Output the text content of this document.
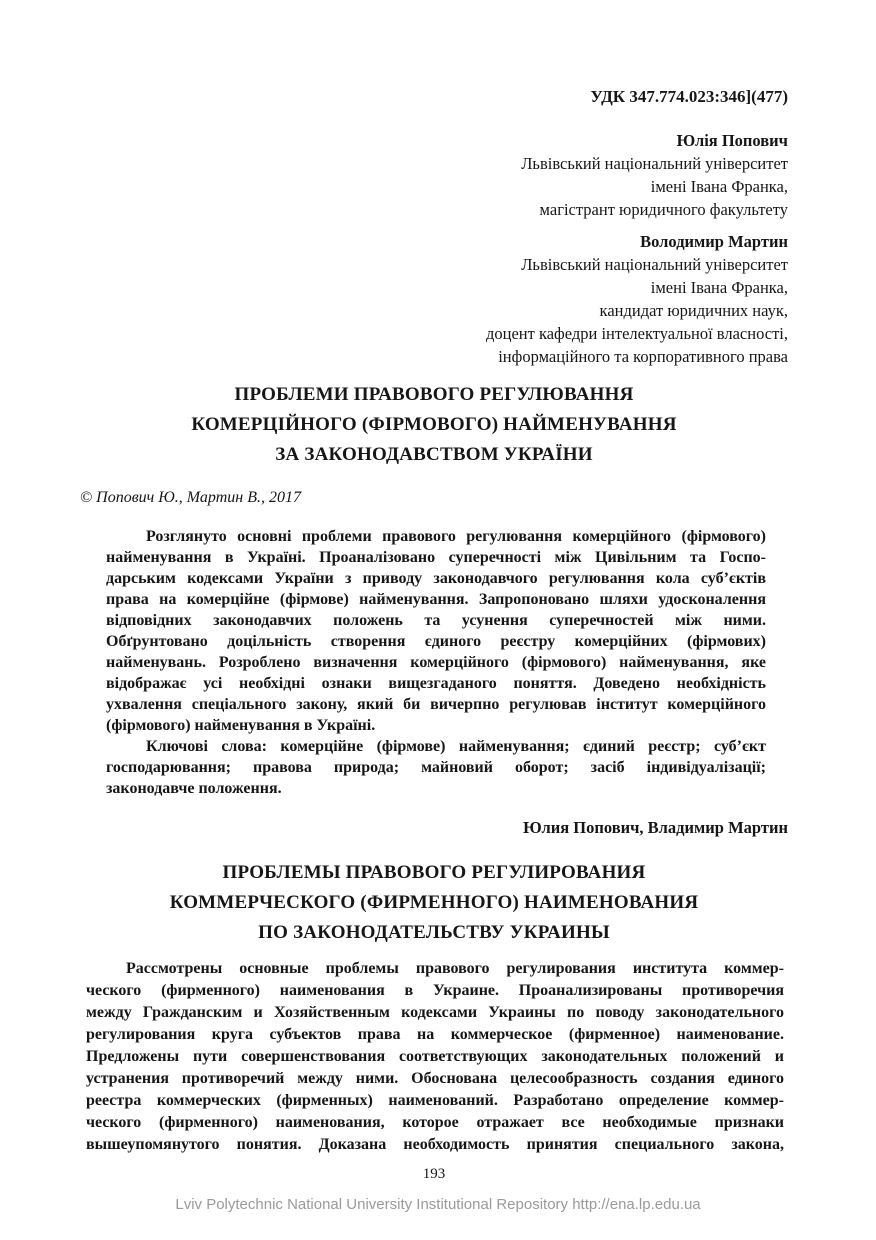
УДК 347.774.023:346](477)
Юлія Попович
Львівський національний університет
імені Івана Франка,
магістрант юридичного факультету
Володимир Мартин
Львівський національний університет
імені Івана Франка,
кандидат юридичних наук,
доцент кафедри інтелектуальної власності,
інформаційного та корпоративного права
ПРОБЛЕМИ ПРАВОВОГО РЕГУЛЮВАННЯ
КОМЕРЦІЙНОГО (ФІРМОВОГО) НАЙМЕНУВАННЯ
ЗА ЗАКОНОДАВСТВОМ УКРАЇНИ
© Попович Ю., Мартин В., 2017
Розглянуто основні проблеми правового регулювання комерційного (фірмового)
найменування в Україні. Проаналізовано суперечності між Цивільним та Госпо-
дарським кодексами України з приводу законодавчого регулювання кола суб’єктів
права на комерційне (фірмове) найменування. Запропоновано шляхи удосконалення
відповідних законодавчих положень та усунення суперечностей між ними.
Обґрунтовано доцільність створення єдиного реєстру комерційних (фірмових)
найменувань. Розроблено визначення комерційного (фірмового) найменування, яке
відображає усі необхідні ознаки вищезгаданого поняття. Доведено необхідність
ухвалення спеціального закону, який би вичерпно регулював інститут комерційного
(фірмового) найменування в Україні.
Ключові слова: комерційне (фірмове) найменування; єдиний реєстр; суб’єкт
господарювання; правова природа; майновий оборот; засіб індивідуалізації;
законодавче положення.
Юлия Попович, Владимир Мартин
ПРОБЛЕМЫ ПРАВОВОГО РЕГУЛИРОВАНИЯ
КОММЕРЧЕСКОГО (ФИРМЕННОГО) НАИМЕНОВАНИЯ
ПО ЗАКОНОДАТЕЛЬСТВУ УКРАИНЫ
Рассмотрены основные проблемы правового регулирования института коммер-
ческого (фирменного) наименования в Украине. Проанализированы противоречия
между Гражданским и Хозяйственным кодексами Украины по поводу законодательного
регулирования круга субъектов права на коммерческое (фирменное) наименование.
Предложены пути совершенствования соответствующих законодательных положений и
устранения противоречий между ними. Обоснована целесообразность создания единого
реестра коммерческих (фирменных) наименований. Разработано определение коммер-
ческого (фирменного) наименования, которое отражает все необходимые признаки
вышеупомянутого понятия. Доказана необходимость принятия специального закона,
193
Lviv Polytechnic National University Institutional Repository http://ena.lp.edu.ua
